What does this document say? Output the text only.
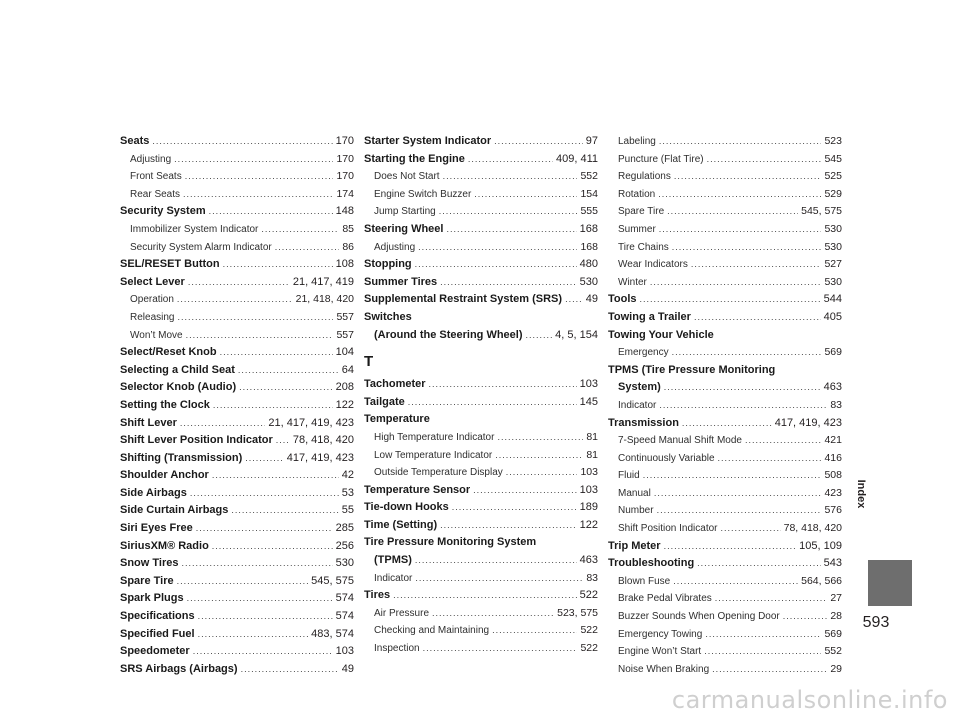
Seats .....	170
Adjusting .....	170
Front Seats .....	170
Rear Seats .....	174
Security System .....	148
Immobilizer System Indicator .....	85
Security System Alarm Indicator .....	86
SEL/RESET Button .....	108
Select Lever .....	21, 417, 419
Operation .....	21, 418, 420
Releasing .....	557
Won’t Move .....	557
Select/Reset Knob .....	104
Selecting a Child Seat .....	64
Selector Knob (Audio) .....	208
Setting the Clock .....	122
Shift Lever .....	21, 417, 419, 423
Shift Lever Position Indicator ..... 78, 418, 420
Shifting (Transmission) .....	417, 419, 423
Shoulder Anchor .....	42
Side Airbags .....	53
Side Curtain Airbags .....	55
Siri Eyes Free .....	285
SiriusXM® Radio .....	256
Snow Tires .....	530
Spare Tire .....	545, 575
Spark Plugs .....	574
Specifications .....	574
Specified Fuel .....	483, 574
Speedometer .....	103
SRS Airbags (Airbags) .....	49
Starter System Indicator .....	97
Starting the Engine .....	409, 411
Does Not Start .....	552
Engine Switch Buzzer .....	154
Jump Starting .....	555
Steering Wheel .....	168
Adjusting .....	168
Stopping .....	480
Summer Tires .....	530
Supplemental Restraint System (SRS) ..... 49
Switches
(Around the Steering Wheel) .....	4, 5, 154
T
Tachometer .....	103
Tailgate .....	145
Temperature
High Temperature Indicator .....	81
Low Temperature Indicator .....	81
Outside Temperature Display .....	103
Temperature Sensor .....	103
Tie-down Hooks .....	189
Time (Setting) .....	122
Tire Pressure Monitoring System
(TPMS) .....	463
Indicator .....	83
Tires .....	522
Air Pressure .....	523, 575
Checking and Maintaining .....	522
Inspection .....	522
Labeling .....	523
Puncture (Flat Tire) .....	545
Regulations .....	525
Rotation .....	529
Spare Tire .....	545, 575
Summer .....	530
Tire Chains .....	530
Wear Indicators .....	527
Winter .....	530
Tools .....	544
Towing a Trailer .....	405
Towing Your Vehicle
Emergency .....	569
TPMS (Tire Pressure Monitoring
System) .....	463
Indicator .....	83
Transmission .....	417, 419, 423
7-Speed Manual Shift Mode .....	421
Continuously Variable .....	416
Fluid .....	508
Manual .....	423
Number .....	576
Shift Position Indicator .....	78, 418, 420
Trip Meter .....	105, 109
Troubleshooting .....	543
Blown Fuse .....	564, 566
Brake Pedal Vibrates .....	27
Buzzer Sounds When Opening Door .....	28
Emergency Towing .....	569
Engine Won’t Start .....	552
Noise When Braking .....	29
Index
593
carmanualsonline.info
